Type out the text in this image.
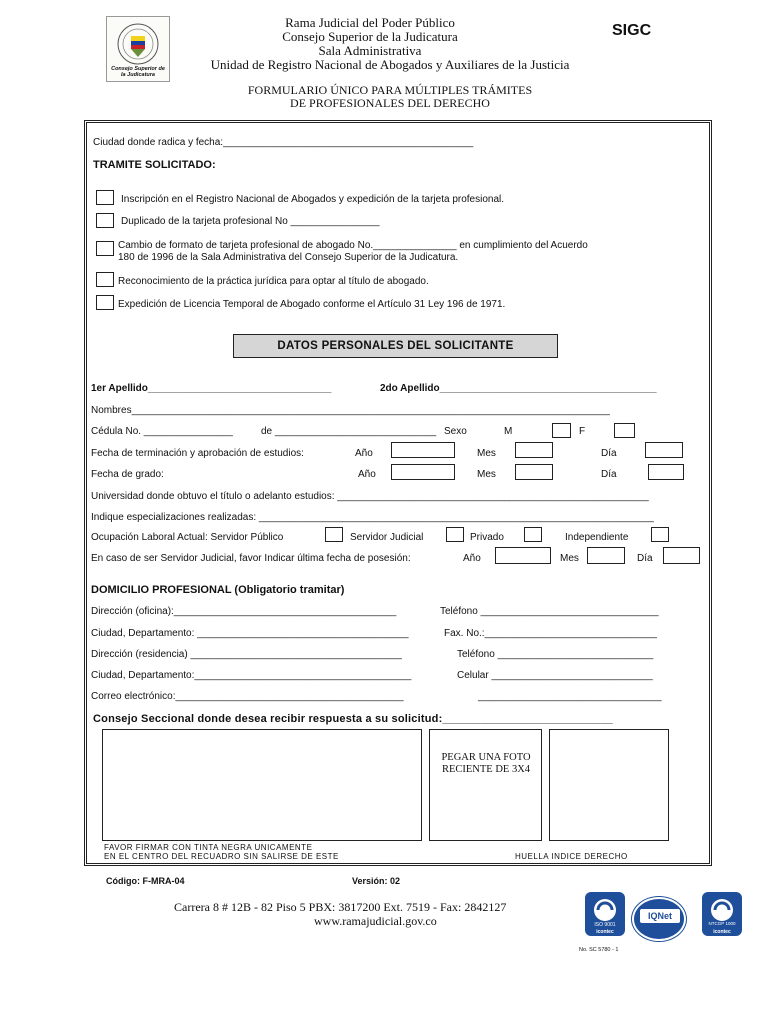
Consejo Superior de la Judicatura
Rama Judicial del Poder Público
Consejo Superior de la Judicatura
Sala Administrativa
Unidad de Registro Nacional de Abogados y Auxiliares de la Justicia
SIGC
FORMULARIO ÚNICO PARA MÚLTIPLES TRÁMITES
DE PROFESIONALES DEL DERECHO
Ciudad donde radica y fecha:_____________________________________________
TRAMITE SOLICITADO:
Inscripción en el Registro Nacional de Abogados y expedición de la tarjeta profesional.
Duplicado de la tarjeta profesional No ________________
Cambio de formato de tarjeta profesional de abogado No._______________ en cumplimiento del Acuerdo
180 de 1996 de la Sala Administrativa del Consejo Superior de la Judicatura.
Reconocimiento de la práctica jurídica para optar al título de abogado.
Expedición de Licencia Temporal de Abogado conforme el Artículo 31 Ley 196 de 1971.
DATOS PERSONALES DEL SOLICITANTE
1er Apellido_________________________________	2do Apellido_______________________________________
Nombres______________________________________________________________________________________
Cédula No. ________________	de _____________________________ Sexo	M	F
Fecha de terminación y aprobación de estudios:	Año	Mes	Día
Fecha de grado:	Año	Mes	Día
Universidad donde obtuvo el título o adelanto estudios: ________________________________________________________
Indique especializaciones realizadas: _______________________________________________________________________
Ocupación Laboral Actual: Servidor Público	Servidor Judicial	Privado	Independiente
En caso de ser Servidor Judicial, favor Indicar última fecha de posesión:	Año	Mes	Día
DOMICILIO PROFESIONAL (Obligatorio tramitar)
Dirección (oficina):________________________________________	Teléfono ________________________________
Ciudad, Departamento: ______________________________________	Fax. No.:_______________________________
Dirección (residencia) ______________________________________	Teléfono ____________________________
Ciudad, Departamento:_______________________________________	Celular _____________________________
Correo electrónico:_________________________________________	_________________________________
Consejo Seccional donde desea recibir respuesta a su solicitud:___________________________
PEGAR UNA FOTO RECIENTE DE 3X4
FAVOR FIRMAR CON TINTA NEGRA UNICAMENTE
EN EL CENTRO DEL RECUADRO SIN SALIRSE DE ESTE	HUELLA INDICE DERECHO
Código: F-MRA-04	Versión: 02
Carrera 8 # 12B - 82 Piso 5 PBX: 3817200 Ext. 7519 - Fax: 2842127
www.ramajudicial.gov.co	ISO 9001
icontec
IQNet
NTCGP 1000
icontec
No. SC 5780 - 1
